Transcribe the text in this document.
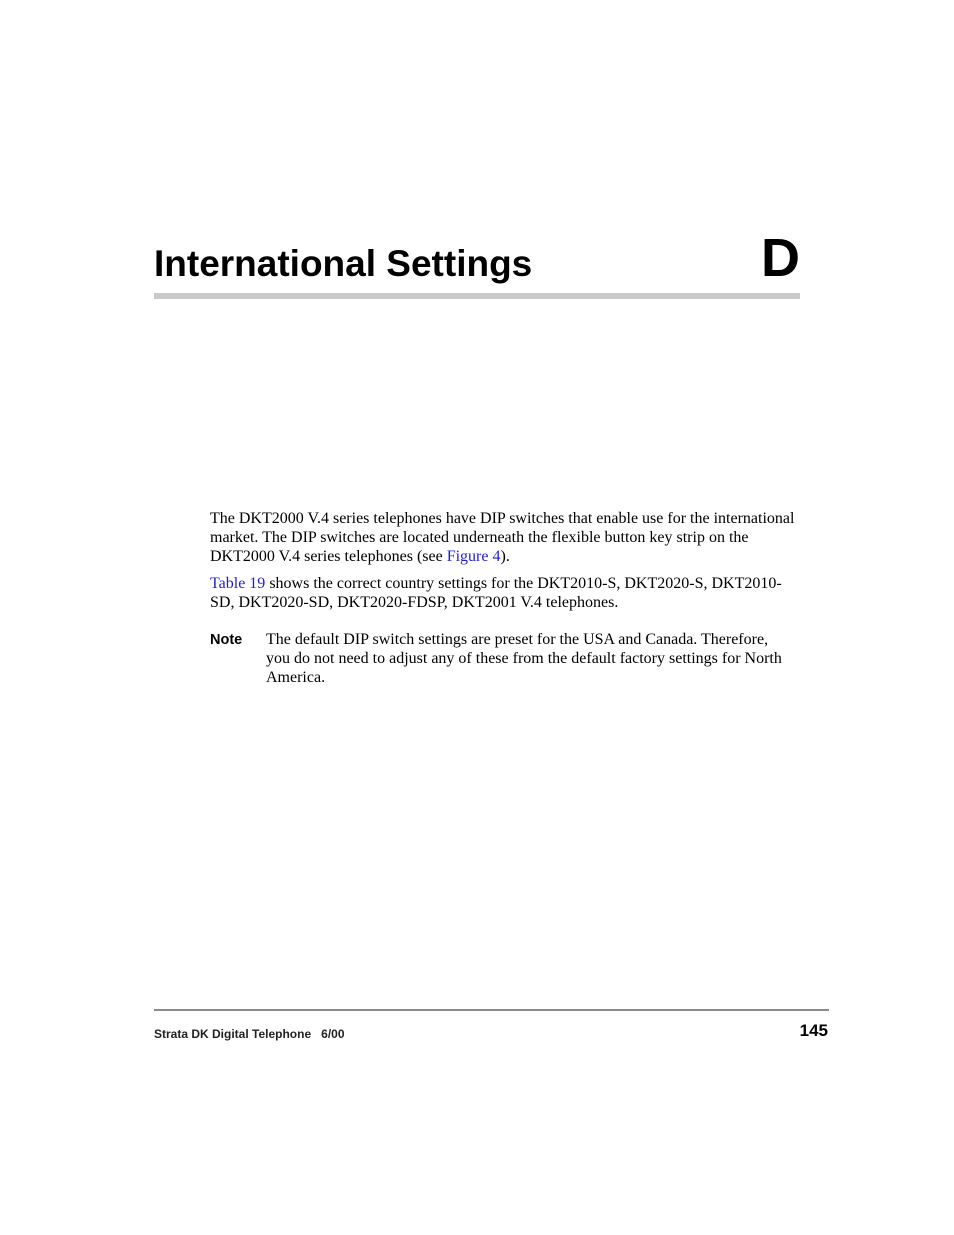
International Settings	D

The DKT2000 V.4 series telephones have DIP switches that enable use for the international market. The DIP switches are located underneath the flexible button key strip on the DKT2000 V.4 series telephones (see Figure 4).

Table 19 shows the correct country settings for the DKT2010-S, DKT2020-S, DKT2010-SD, DKT2020-SD, DKT2020-FDSP, DKT2001 V.4 telephones.

Note The default DIP switch settings are preset for the USA and Canada. Therefore, you do not need to adjust any of these from the default factory settings for North America.

Strata DK Digital Telephone 6/00	145
